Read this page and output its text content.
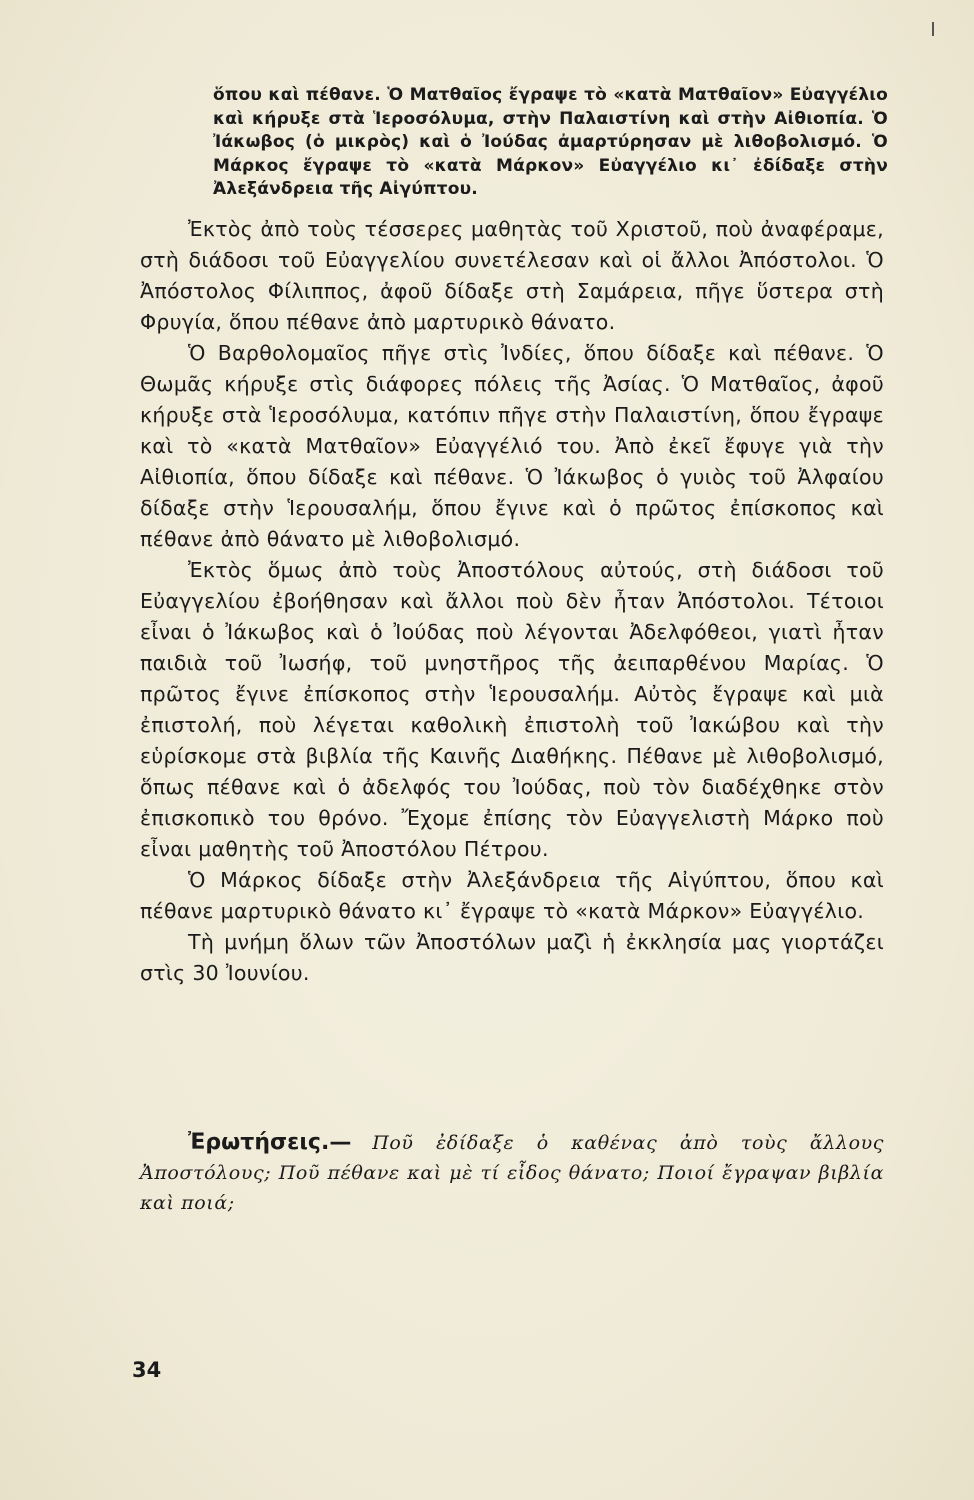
ὅπου καὶ πέθανε. Ὁ Ματθαῖος ἔγραψε τὸ «κατὰ Ματθαῖον» Εὐαγγέλιο καὶ κήρυξε στὰ Ἱεροσόλυμα, στὴν Παλαιστίνη καὶ στὴν Αἰθιοπία. Ὁ Ἰάκωβος (ὁ μικρὸς) καὶ ὁ Ἰούδας ἀμαρτύρησαν μὲ λιθοβολισμό. Ὁ Μάρκος ἔγραψε τὸ «κατὰ Μάρκον» Εὐαγγέλιο κι᾽ ἐδίδαξε στὴν Ἀλεξάνδρεια τῆς Αἰγύπτου.

Ἐκτὸς ἀπὸ τοὺς τέσσερες μαθητὰς τοῦ Χριστοῦ, ποὺ ἀναφέραμε, στὴ διάδοσι τοῦ Εὐαγγελίου συνετέλεσαν καὶ οἱ ἄλλοι Ἀπόστολοι. Ὁ Ἀπόστολος Φίλιππος, ἀφοῦ δίδαξε στὴ Σαμάρεια, πῆγε ὕστερα στὴ Φρυγία, ὅπου πέθανε ἀπὸ μαρτυρικὸ θάνατο.

Ὁ Βαρθολομαῖος πῆγε στὶς Ἰνδίες, ὅπου δίδαξε καὶ πέθανε. Ὁ Θωμᾶς κήρυξε στὶς διάφορες πόλεις τῆς Ἀσίας. Ὁ Ματθαῖος, ἀφοῦ κήρυξε στὰ Ἱεροσόλυμα, κατόπιν πῆγε στὴν Παλαιστίνη, ὅπου ἔγραψε καὶ τὸ «κατὰ Ματθαῖον» Εὐαγγέλιό του. Ἀπὸ ἐκεῖ ἔφυγε γιὰ τὴν Αἰθιοπία, ὅπου δίδαξε καὶ πέθανε. Ὁ Ἰάκωβος ὁ γυιὸς τοῦ Ἀλφαίου δίδαξε στὴν Ἱερουσαλήμ, ὅπου ἔγινε καὶ ὁ πρῶτος ἐπίσκοπος καὶ πέθανε ἀπὸ θάνατο μὲ λιθοβολισμό.

Ἐκτὸς ὅμως ἀπὸ τοὺς Ἀποστόλους αὐτούς, στὴ διάδοσι τοῦ Εὐαγγελίου ἐβοήθησαν καὶ ἄλλοι ποὺ δὲν ἦταν Ἀπόστολοι. Τέτοιοι εἶναι ὁ Ἰάκωβος καὶ ὁ Ἰούδας ποὺ λέγονται Ἀδελφόθεοι, γιατὶ ἦταν παιδιὰ τοῦ Ἰωσήφ, τοῦ μνηστῆρος τῆς ἀειπαρθένου Μαρίας. Ὁ πρῶτος ἔγινε ἐπίσκοπος στὴν Ἱερουσαλήμ. Αὐτὸς ἔγραψε καὶ μιὰ ἐπιστολή, ποὺ λέγεται καθολικὴ ἐπιστολὴ τοῦ Ἰακώβου καὶ τὴν εὑρίσκομε στὰ βιβλία τῆς Καινῆς Διαθήκης. Πέθανε μὲ λιθοβολισμό, ὅπως πέθανε καὶ ὁ ἀδελφός του Ἰούδας, ποὺ τὸν διαδέχθηκε στὸν ἐπισκοπικὸ του θρόνο. Ἔχομε ἐπίσης τὸν Εὐαγγελιστὴ Μάρκο ποὺ εἶναι μαθητὴς τοῦ Ἀποστόλου Πέτρου.

Ὁ Μάρκος δίδαξε στὴν Ἀλεξάνδρεια τῆς Αἰγύπτου, ὅπου καὶ πέθανε μαρτυρικὸ θάνατο κι᾽ ἔγραψε τὸ «κατὰ Μάρκον» Εὐαγγέλιο.

Τὴ μνήμη ὅλων τῶν Ἀποστόλων μαζὶ ἡ ἐκκλησία μας γιορτάζει στὶς 30 Ἰουνίου.

Ἐρωτήσεις.— Ποῦ ἐδίδαξε ὁ καθένας ἀπὸ τοὺς ἄλλους Ἀποστόλους; Ποῦ πέθανε καὶ μὲ τί εἶδος θάνατο; Ποιοί ἔγραψαν βιβλία καὶ ποιά;
34
